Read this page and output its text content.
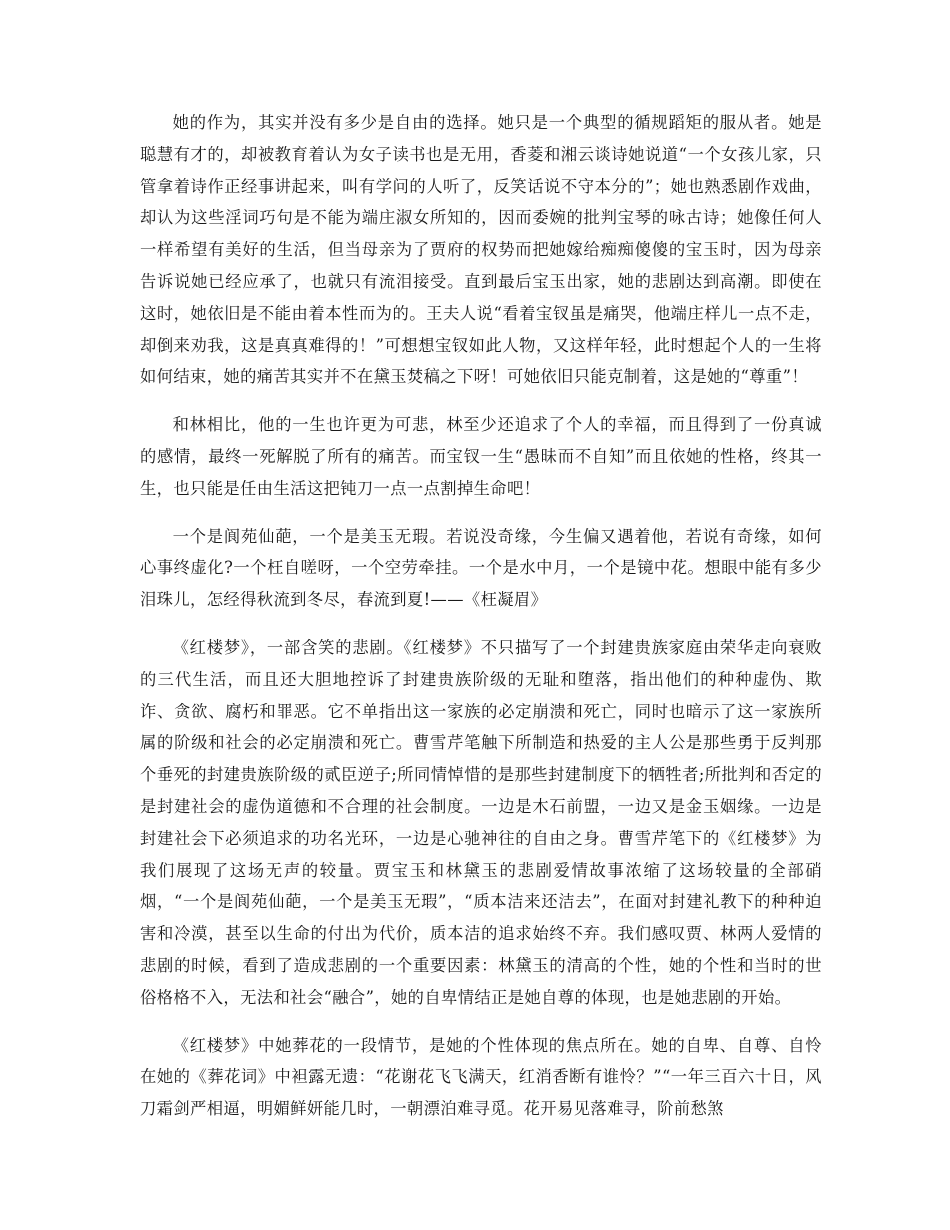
她的作为，其实并没有多少是自由的选择。她只是一个典型的循规蹈矩的服从者。她是聪慧有才的，却被教育着认为女子读书也是无用，香菱和湘云谈诗她说道“一个女孩儿家，只管拿着诗作正经事讲起来，叫有学问的人听了，反笑话说不守本分的”；她也熟悉剧作戏曲，却认为这些淫词巧句是不能为端庄淑女所知的，因而委婉的批判宝琴的咏古诗；她像任何人一样希望有美好的生活，但当母亲为了贾府的权势而把她嫁给痴痴傻傻的宝玉时，因为母亲告诉说她已经应承了，也就只有流泪接受。直到最后宝玉出家，她的悲剧达到高潮。即使在这时，她依旧是不能由着本性而为的。王夫人说“看着宝钗虽是痛哭，他端庄样儿一点不走，却倒来劝我，这是真真难得的！”可想想宝钗如此人物，又这样年轻，此时想起个人的一生将如何结束，她的痛苦其实并不在黛玉焚稿之下呀！可她依旧只能克制着，这是她的“尊重”！

和林相比，他的一生也许更为可悲，林至少还追求了个人的幸福，而且得到了一份真诚的感情，最终一死解脱了所有的痛苦。而宝钗一生“愚昧而不自知”而且依她的性格，终其一生，也只能是任由生活这把钝刀一点一点割掉生命吧！

一个是阆苑仙葩，一个是美玉无瑕。若说没奇缘，今生偏又遇着他，若说有奇缘，如何心事终虚化?一个枉自嗟呀，一个空劳牵挂。一个是水中月，一个是镜中花。想眼中能有多少泪珠儿，怎经得秋流到冬尽，春流到夏!——《枉凝眉》

《红楼梦》，一部含笑的悲剧。《红楼梦》不只描写了一个封建贵族家庭由荣华走向衰败的三代生活，而且还大胆地控诉了封建贵族阶级的无耻和堕落，指出他们的种种虚伪、欺诈、贪欲、腐朽和罪恶。它不单指出这一家族的必定崩溃和死亡，同时也暗示了这一家族所属的阶级和社会的必定崩溃和死亡。曹雪芹笔触下所制造和热爱的主人公是那些勇于反判那个垂死的封建贵族阶级的贰臣逆子;所同情悼惜的是那些封建制度下的牺牲者;所批判和否定的是封建社会的虚伪道德和不合理的社会制度。一边是木石前盟，一边又是金玉姻缘。一边是封建社会下必须追求的功名光环，一边是心驰神往的自由之身。曹雪芹笔下的《红楼梦》为我们展现了这场无声的较量。贾宝玉和林黛玉的悲剧爱情故事浓缩了这场较量的全部硝烟，“一个是阆苑仙葩，一个是美玉无瑕”，“质本洁来还洁去”，在面对封建礼教下的种种迫害和冷漠，甚至以生命的付出为代价，质本洁的追求始终不弃。我们感叹贾、林两人爱情的悲剧的时候，看到了造成悲剧的一个重要因素：林黛玉的清高的个性，她的个性和当时的世俗格格不入，无法和社会“融合”，她的自卑情结正是她自尊的体现，也是她悲剧的开始。

《红楼梦》中她葬花的一段情节，是她的个性体现的焦点所在。她的自卑、自尊、自怜在她的《葬花词》中袒露无遗：“花谢花飞飞满天，红消香断有谁怜？”“一年三百六十日，风刀霜剑严相逼，明媚鲜妍能几时，一朝漂泊难寻觅。花开易见落难寻，阶前愁煞
